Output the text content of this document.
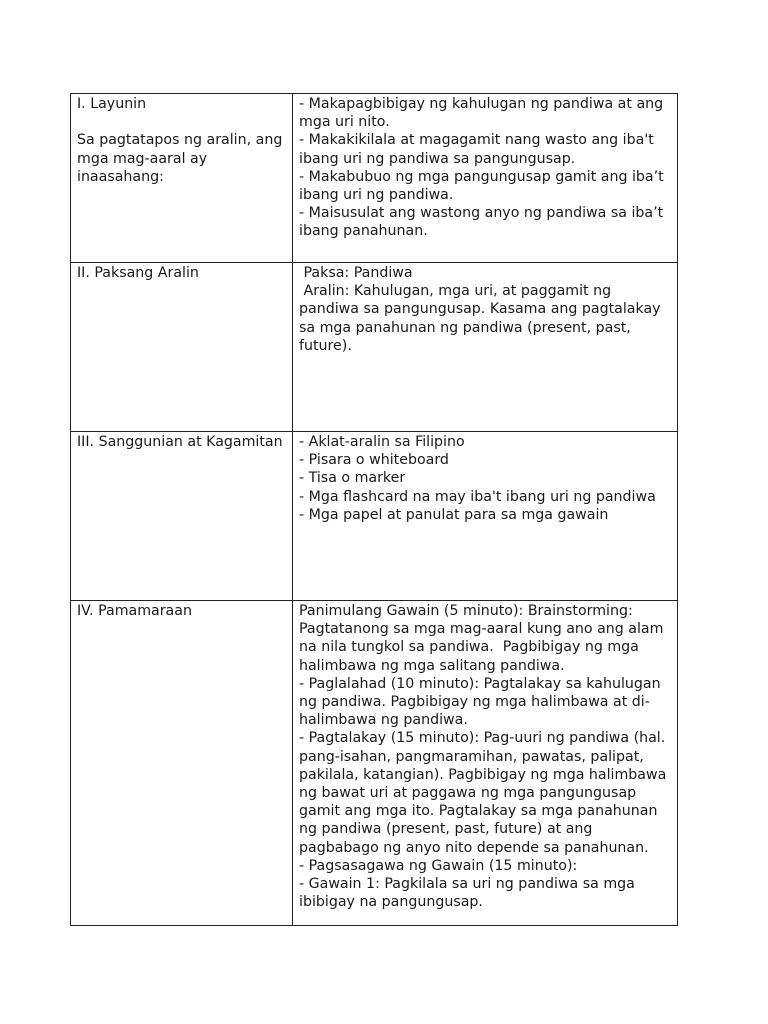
I. Layunin
Sa pagtatapos ng aralin, ang mga mag-aaral ay inaasahang:	- Makapagbibigay ng kahulugan ng pandiwa at ang mga uri nito.
- Makakikilala at magagamit nang wasto ang iba't ibang uri ng pandiwa sa pangungusap.
- Makabubuo ng mga pangungusap gamit ang iba’t ibang uri ng pandiwa.
- Maisusulat ang wastong anyo ng pandiwa sa iba’t ibang panahunan.

II. Paksang Aralin	Paksa: Pandiwa
Aralin: Kahulugan, mga uri, at paggamit ng pandiwa sa pangungusap. Kasama ang pagtalakay sa mga panahunan ng pandiwa (present, past, future).

III. Sanggunian at Kagamitan	- Aklat-aralin sa Filipino
- Pisara o whiteboard
- Tisa o marker
- Mga flashcard na may iba't ibang uri ng pandiwa
- Mga papel at panulat para sa mga gawain

IV. Pamamaraan	Panimulang Gawain (5 minuto): Brainstorming: Pagtatanong sa mga mag-aaral kung ano ang alam na nila tungkol sa pandiwa.  Pagbibigay ng mga halimbawa ng mga salitang pandiwa.
- Paglalahad (10 minuto): Pagtalakay sa kahulugan ng pandiwa. Pagbibigay ng mga halimbawa at di-halimbawa ng pandiwa.
- Pagtalakay (15 minuto): Pag-uuri ng pandiwa (hal. pang-isahan, pangmaramihan, pawatas, palipat, pakilala, katangian). Pagbibigay ng mga halimbawa ng bawat uri at paggawa ng mga pangungusap gamit ang mga ito. Pagtalakay sa mga panahunan ng pandiwa (present, past, future) at ang pagbabago ng anyo nito depende sa panahunan.
- Pagsasagawa ng Gawain (15 minuto):
- Gawain 1: Pagkilala sa uri ng pandiwa sa mga ibibigay na pangungusap.
